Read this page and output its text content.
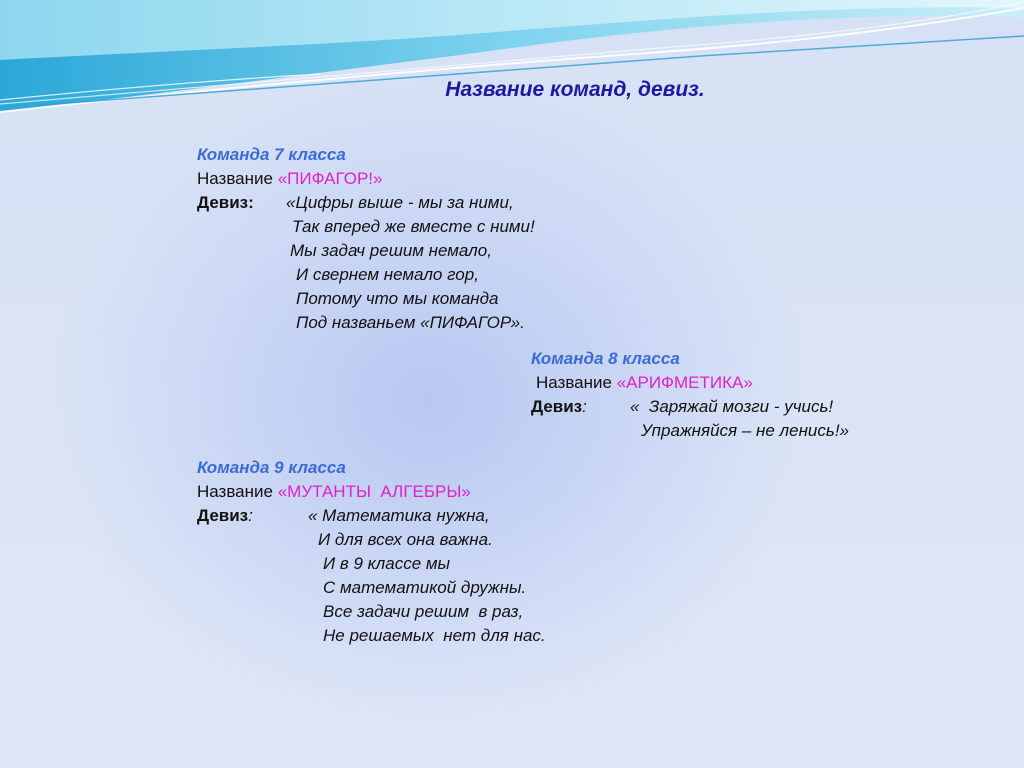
Название команд, девиз.
Команда 7 класса
Название «ПИФАГОР!»
Девиз: «Цифры выше - мы за ними,
Так вперед же вместе с ними!
Мы задач решим немало,
И свернем немало гор,
Потому что мы команда
Под названьем «ПИФАГОР».
Команда 8 класса
Название «АРИФМЕТИКА»
Девиз:	«  Заряжай мозги - учись!
Упражняйся – не ленись!»
Команда 9 класса
Название «МУТАНТЫ  АЛГЕБРЫ»
Девиз:	« Математика нужна,
И для всех она важна.
И в 9 классе мы
С математикой дружны.
Все задачи решим  в раз,
Не решаемых  нет для нас.
